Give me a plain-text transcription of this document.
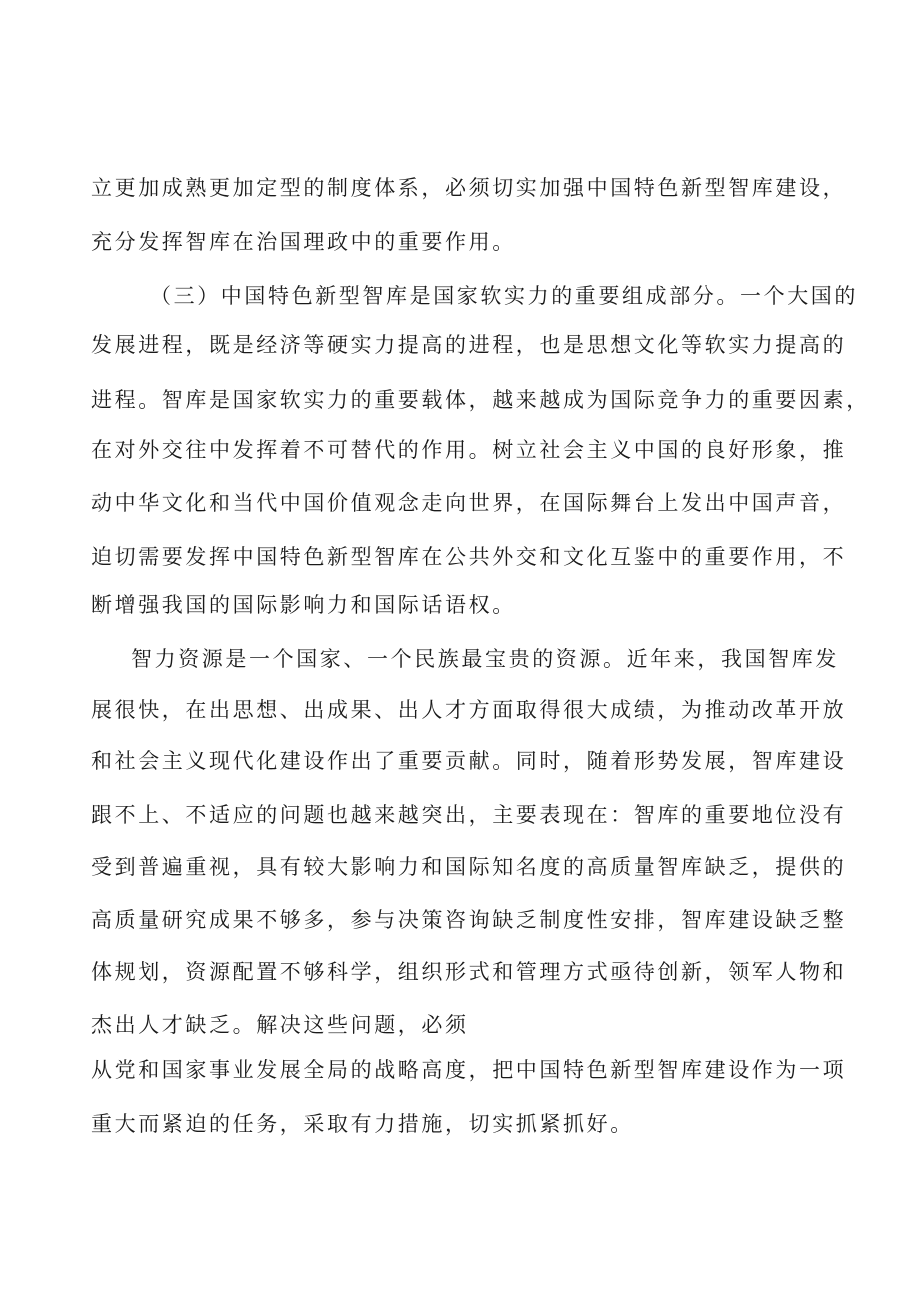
立更加成熟更加定型的制度体系，必须切实加强中国特色新型智库建设，
充分发挥智库在治国理政中的重要作用。
（三）中国特色新型智库是国家软实力的重要组成部分。一个大国的
发展进程，既是经济等硬实力提高的进程，也是思想文化等软实力提高的
进程。智库是国家软实力的重要载体，越来越成为国际竞争力的重要因素，
在对外交往中发挥着不可替代的作用。树立社会主义中国的良好形象，推
动中华文化和当代中国价值观念走向世界，在国际舞台上发出中国声音，
迫切需要发挥中国特色新型智库在公共外交和文化互鉴中的重要作用，不
断增强我国的国际影响力和国际话语权。
智力资源是一个国家、一个民族最宝贵的资源。近年来，我国智库发
展很快，在出思想、出成果、出人才方面取得很大成绩，为推动改革开放
和社会主义现代化建设作出了重要贡献。同时，随着形势发展，智库建设
跟不上、不适应的问题也越来越突出，主要表现在：智库的重要地位没有
受到普遍重视，具有较大影响力和国际知名度的高质量智库缺乏，提供的
高质量研究成果不够多，参与决策咨询缺乏制度性安排，智库建设缺乏整
体规划，资源配置不够科学，组织形式和管理方式亟待创新，领军人物和
杰出人才缺乏。解决这些问题，必须
从党和国家事业发展全局的战略高度，把中国特色新型智库建设作为一项
重大而紧迫的任务，采取有力措施，切实抓紧抓好。
